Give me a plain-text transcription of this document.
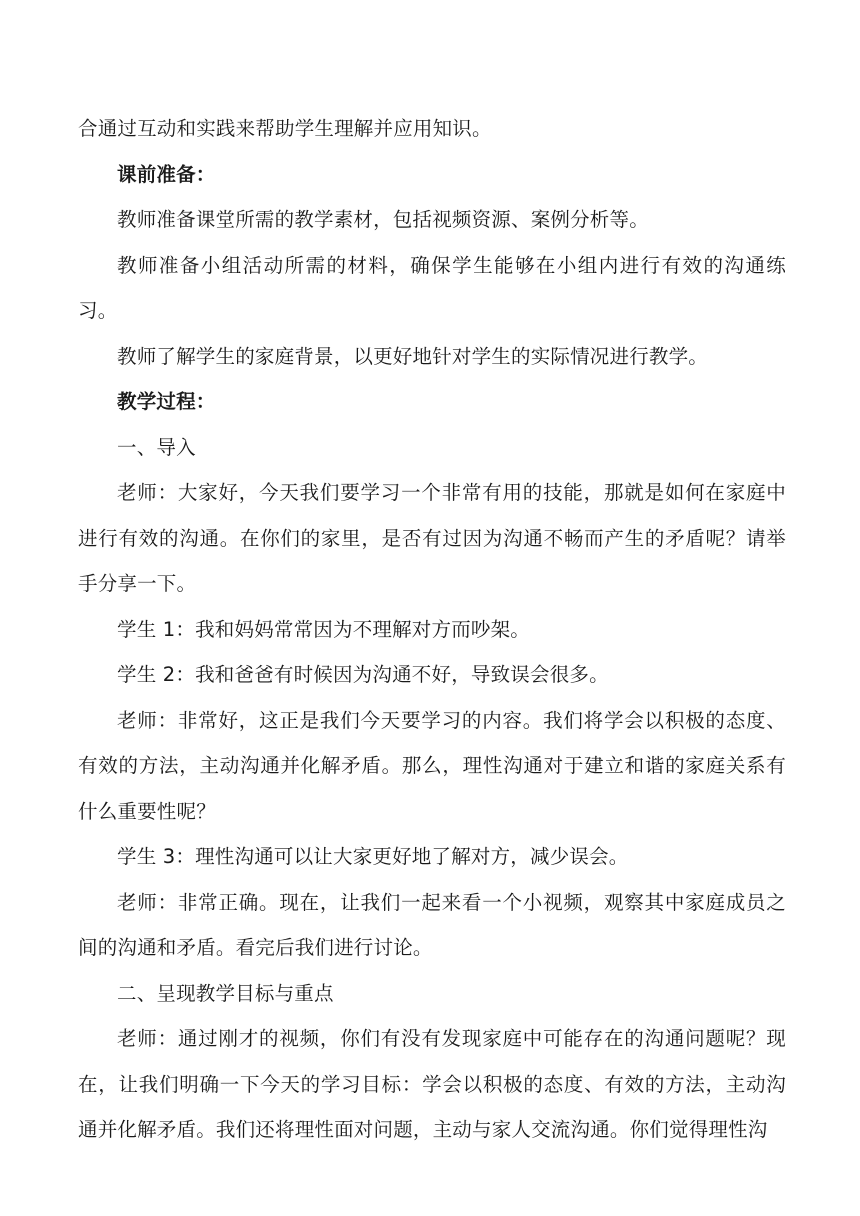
合通过互动和实践来帮助学生理解并应用知识。

课前准备：

教师准备课堂所需的教学素材，包括视频资源、案例分析等。

教师准备小组活动所需的材料，确保学生能够在小组内进行有效的沟通练习。

教师了解学生的家庭背景，以更好地针对学生的实际情况进行教学。

教学过程：

一、导入

老师：大家好，今天我们要学习一个非常有用的技能，那就是如何在家庭中进行有效的沟通。在你们的家里，是否有过因为沟通不畅而产生的矛盾呢？请举手分享一下。

学生 1：我和妈妈常常因为不理解对方而吵架。

学生 2：我和爸爸有时候因为沟通不好，导致误会很多。

老师：非常好，这正是我们今天要学习的内容。我们将学会以积极的态度、有效的方法，主动沟通并化解矛盾。那么，理性沟通对于建立和谐的家庭关系有什么重要性呢？

学生 3：理性沟通可以让大家更好地了解对方，减少误会。

老师：非常正确。现在，让我们一起来看一个小视频，观察其中家庭成员之间的沟通和矛盾。看完后我们进行讨论。

二、呈现教学目标与重点

老师：通过刚才的视频，你们有没有发现家庭中可能存在的沟通问题呢？现在，让我们明确一下今天的学习目标：学会以积极的态度、有效的方法，主动沟通并化解矛盾。我们还将理性面对问题，主动与家人交流沟通。你们觉得理性沟
